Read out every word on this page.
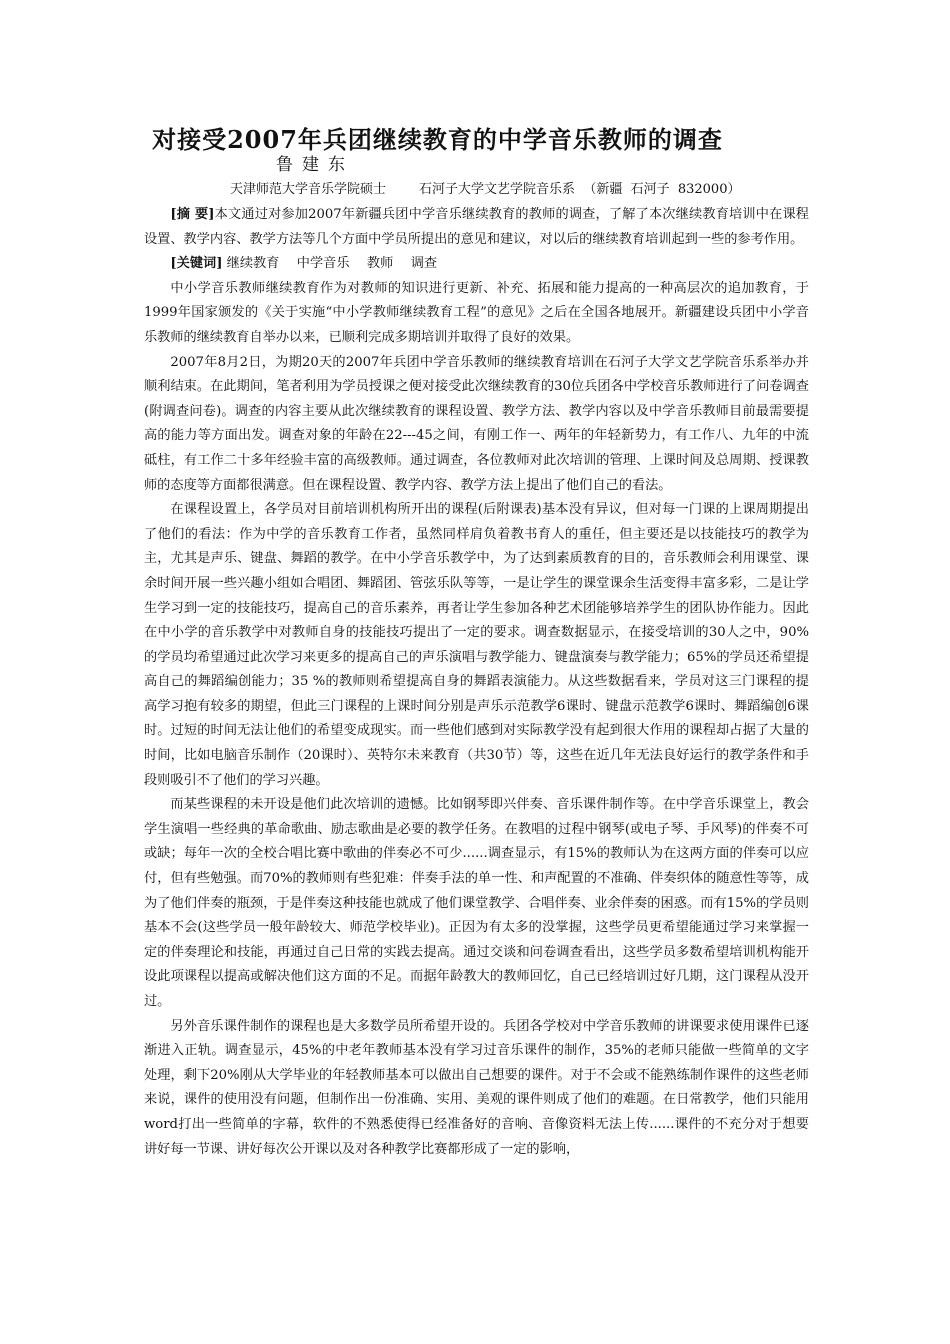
对接受2007年兵团继续教育的中学音乐教师的调查
鲁建东
天津师范大学音乐学院硕士        石河子大学文艺学院音乐系  （新疆  石河子  832000）

[摘 要]本文通过对参加2007年新疆兵团中学音乐继续教育的教师的调查，了解了本次继续教育培训中在课程设置、教学内容、教学方法等几个方面中学员所提出的意见和建议，对以后的继续教育培训起到一些的参考作用。

[关键词] 继续教育 中学音乐 教师 调查

中小学音乐教师继续教育作为对教师的知识进行更新、补充、拓展和能力提高的一种高层次的追加教育，于1999年国家颁发的《关于实施“中小学教师继续教育工程”的意见》之后在全国各地展开。新疆建设兵团中小学音乐教师的继续教育自举办以来，已顺利完成多期培训并取得了良好的效果。

2007年8月2日，为期20天的2007年兵团中学音乐教师的继续教育培训在石河子大学文艺学院音乐系举办并顺利结束。在此期间，笔者利用为学员授课之便对接受此次继续教育的30位兵团各中学校音乐教师进行了问卷调查(附调查问卷)。调查的内容主要从此次继续教育的课程设置、教学方法、教学内容以及中学音乐教师目前最需要提高的能力等方面出发。调查对象的年龄在22---45之间，有刚工作一、两年的年轻新势力，有工作八、九年的中流砥柱，有工作二十多年经验丰富的高级教师。通过调查，各位教师对此次培训的管理、上课时间及总周期、授课教师的态度等方面都很满意。但在课程设置、教学内容、教学方法上提出了他们自己的看法。

在课程设置上，各学员对目前培训机构所开出的课程(后附课表)基本没有异议，但对每一门课的上课周期提出了他们的看法：作为中学的音乐教育工作者，虽然同样肩负着教书育人的重任，但主要还是以技能技巧的教学为主，尤其是声乐、键盘、舞蹈的教学。在中小学音乐教学中，为了达到素质教育的目的，音乐教师会利用课堂、课余时间开展一些兴趣小组如合唱团、舞蹈团、管弦乐队等等，一是让学生的课堂课余生活变得丰富多彩，二是让学生学习到一定的技能技巧，提高自己的音乐素养，再者让学生参加各种艺术团能够培养学生的团队协作能力。因此在中小学的音乐教学中对教师自身的技能技巧提出了一定的要求。调查数据显示，在接受培训的30人之中，90%的学员均希望通过此次学习来更多的提高自己的声乐演唱与教学能力、键盘演奏与教学能力；65%的学员还希望提高自己的舞蹈编创能力；35 %的教师则希望提高自身的舞蹈表演能力。从这些数据看来，学员对这三门课程的提高学习抱有较多的期望，但此三门课程的上课时间分别是声乐示范教学6课时、键盘示范教学6课时、舞蹈编创6课时。过短的时间无法让他们的希望变成现实。而一些他们感到对实际教学没有起到很大作用的课程却占据了大量的时间，比如电脑音乐制作（20课时）、英特尔未来教育（共30节）等，这些在近几年无法良好运行的教学条件和手段则吸引不了他们的学习兴趣。

而某些课程的未开设是他们此次培训的遗憾。比如钢琴即兴伴奏、音乐课件制作等。在中学音乐课堂上，教会学生演唱一些经典的革命歌曲、励志歌曲是必要的教学任务。在教唱的过程中钢琴(或电子琴、手风琴)的伴奏不可或缺；每年一次的全校合唱比赛中歌曲的伴奏必不可少......调查显示，有15%的教师认为在这两方面的伴奏可以应付，但有些勉强。而70%的教师则有些犯难：伴奏手法的单一性、和声配置的不准确、伴奏织体的随意性等等，成为了他们伴奏的瓶颈，于是伴奏这种技能也就成了他们课堂教学、合唱伴奏、业余伴奏的困惑。而有15%的学员则基本不会(这些学员一般年龄较大、师范学校毕业)。正因为有太多的没掌握，这些学员更希望能通过学习来掌握一定的伴奏理论和技能，再通过自己日常的实践去提高。通过交谈和问卷调查看出，这些学员多数希望培训机构能开设此项课程以提高或解决他们这方面的不足。而据年龄教大的教师回忆，自己已经培训过好几期，这门课程从没开过。

另外音乐课件制作的课程也是大多数学员所希望开设的。兵团各学校对中学音乐教师的讲课要求使用课件已逐渐进入正轨。调查显示，45%的中老年教师基本没有学习过音乐课件的制作，35%的老师只能做一些简单的文字处理，剩下20%刚从大学毕业的年轻教师基本可以做出自己想要的课件。对于不会或不能熟练制作课件的这些老师来说，课件的使用没有问题，但制作出一份准确、实用、美观的课件则成了他们的难题。在日常教学，他们只能用word打出一些简单的字幕，软件的不熟悉使得已经准备好的音响、音像资料无法上传......课件的不充分对于想要讲好每一节课、讲好每次公开课以及对各种教学比赛都形成了一定的影响，
